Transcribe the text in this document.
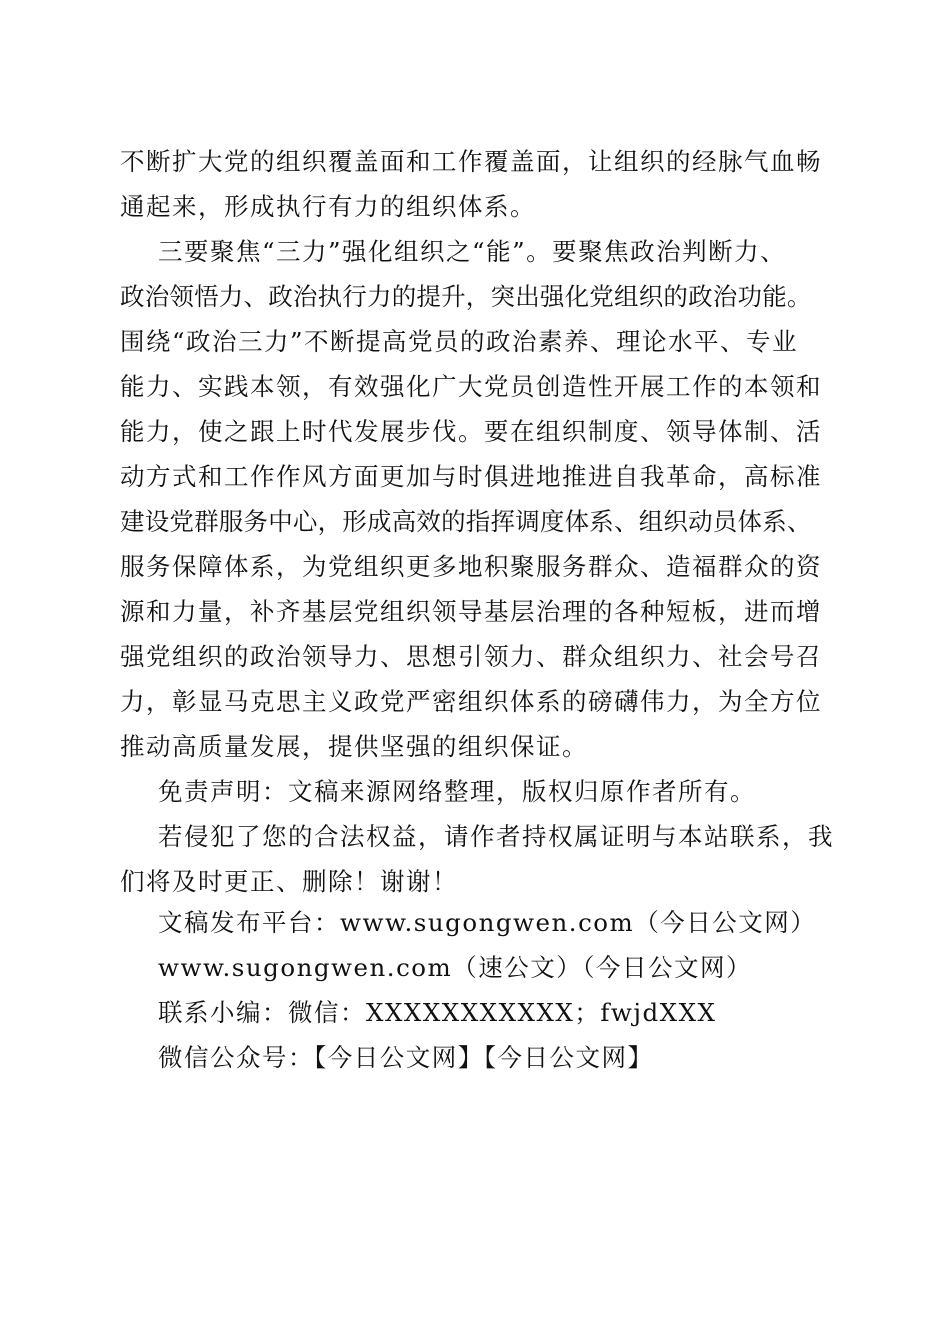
不断扩大党的组织覆盖面和工作覆盖面，让组织的经脉气血畅
通起来，形成执行有力的组织体系。
三要聚焦“三力”强化组织之“能”。要聚焦政治判断力、
政治领悟力、政治执行力的提升，突出强化党组织的政治功能。
围绕“政治三力”不断提高党员的政治素养、理论水平、专业
能力、实践本领，有效强化广大党员创造性开展工作的本领和
能力，使之跟上时代发展步伐。要在组织制度、领导体制、活
动方式和工作作风方面更加与时俱进地推进自我革命，高标准
建设党群服务中心，形成高效的指挥调度体系、组织动员体系、
服务保障体系，为党组织更多地积聚服务群众、造福群众的资
源和力量，补齐基层党组织领导基层治理的各种短板，进而增
强党组织的政治领导力、思想引领力、群众组织力、社会号召
力，彰显马克思主义政党严密组织体系的磅礴伟力，为全方位
推动高质量发展，提供坚强的组织保证。
免责声明：文稿来源网络整理，版权归原作者所有。
若侵犯了您的合法权益，请作者持权属证明与本站联系，我
们将及时更正、删除！谢谢！
文稿发布平台：www.sugongwen.com（今日公文网）
www.sugongwen.com（速公文）（今日公文网）
联系小编：微信：XXXXXXXXXXX；fwjdXXX
微信公众号：【今日公文网】【今日公文网】
